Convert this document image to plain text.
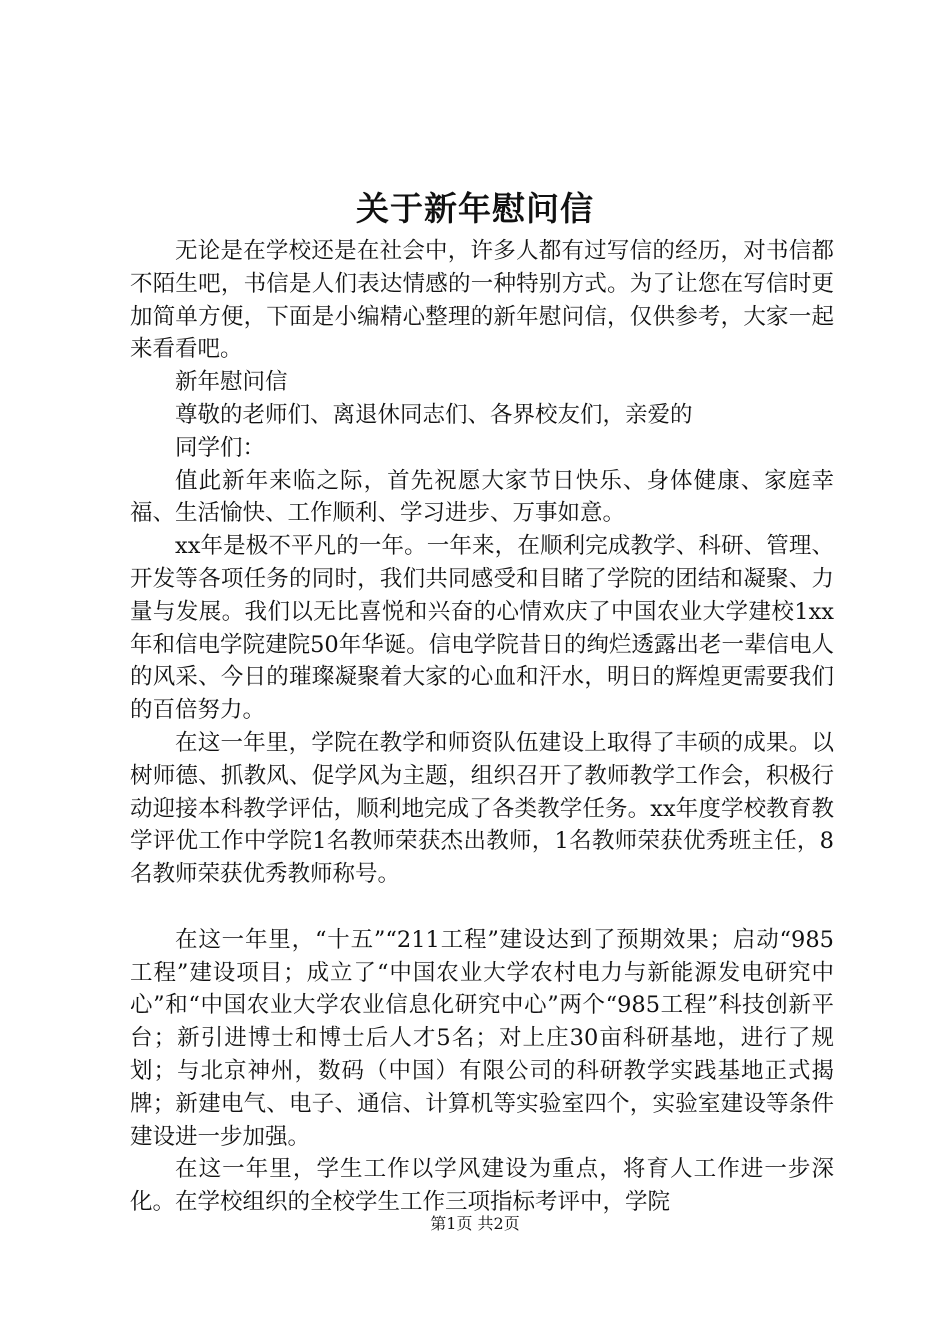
关于新年慰问信

无论是在学校还是在社会中，许多人都有过写信的经历，对书信都不陌生吧，书信是人们表达情感的一种特别方式。为了让您在写信时更加简单方便，下面是小编精心整理的新年慰问信，仅供参考，大家一起来看看吧。

新年慰问信

尊敬的老师们、离退休同志们、各界校友们，亲爱的

同学们：

值此新年来临之际，首先祝愿大家节日快乐、身体健康、家庭幸福、生活愉快、工作顺利、学习进步、万事如意。

xx年是极不平凡的一年。一年来，在顺利完成教学、科研、管理、开发等各项任务的同时，我们共同感受和目睹了学院的团结和凝聚、力量与发展。我们以无比喜悦和兴奋的心情欢庆了中国农业大学建校1xx年和信电学院建院50年华诞。信电学院昔日的绚烂透露出老一辈信电人的风采、今日的璀璨凝聚着大家的心血和汗水，明日的辉煌更需要我们的百倍努力。

在这一年里，学院在教学和师资队伍建设上取得了丰硕的成果。以树师德、抓教风、促学风为主题，组织召开了教师教学工作会，积极行动迎接本科教学评估，顺利地完成了各类教学任务。xx年度学校教育教学评优工作中学院1名教师荣获杰出教师，1名教师荣获优秀班主任，8名教师荣获优秀教师称号。

在这一年里，“十五”“211工程”建设达到了预期效果；启动“985工程”建设项目；成立了“中国农业大学农村电力与新能源发电研究中心”和“中国农业大学农业信息化研究中心”两个“985工程”科技创新平台；新引进博士和博士后人才5名；对上庄30亩科研基地，进行了规划；与北京神州，数码（中国）有限公司的科研教学实践基地正式揭牌；新建电气、电子、通信、计算机等实验室四个，实验室建设等条件建设进一步加强。

在这一年里，学生工作以学风建设为重点，将育人工作进一步深化。在学校组织的全校学生工作三项指标考评中，学院

第1页 共2页
